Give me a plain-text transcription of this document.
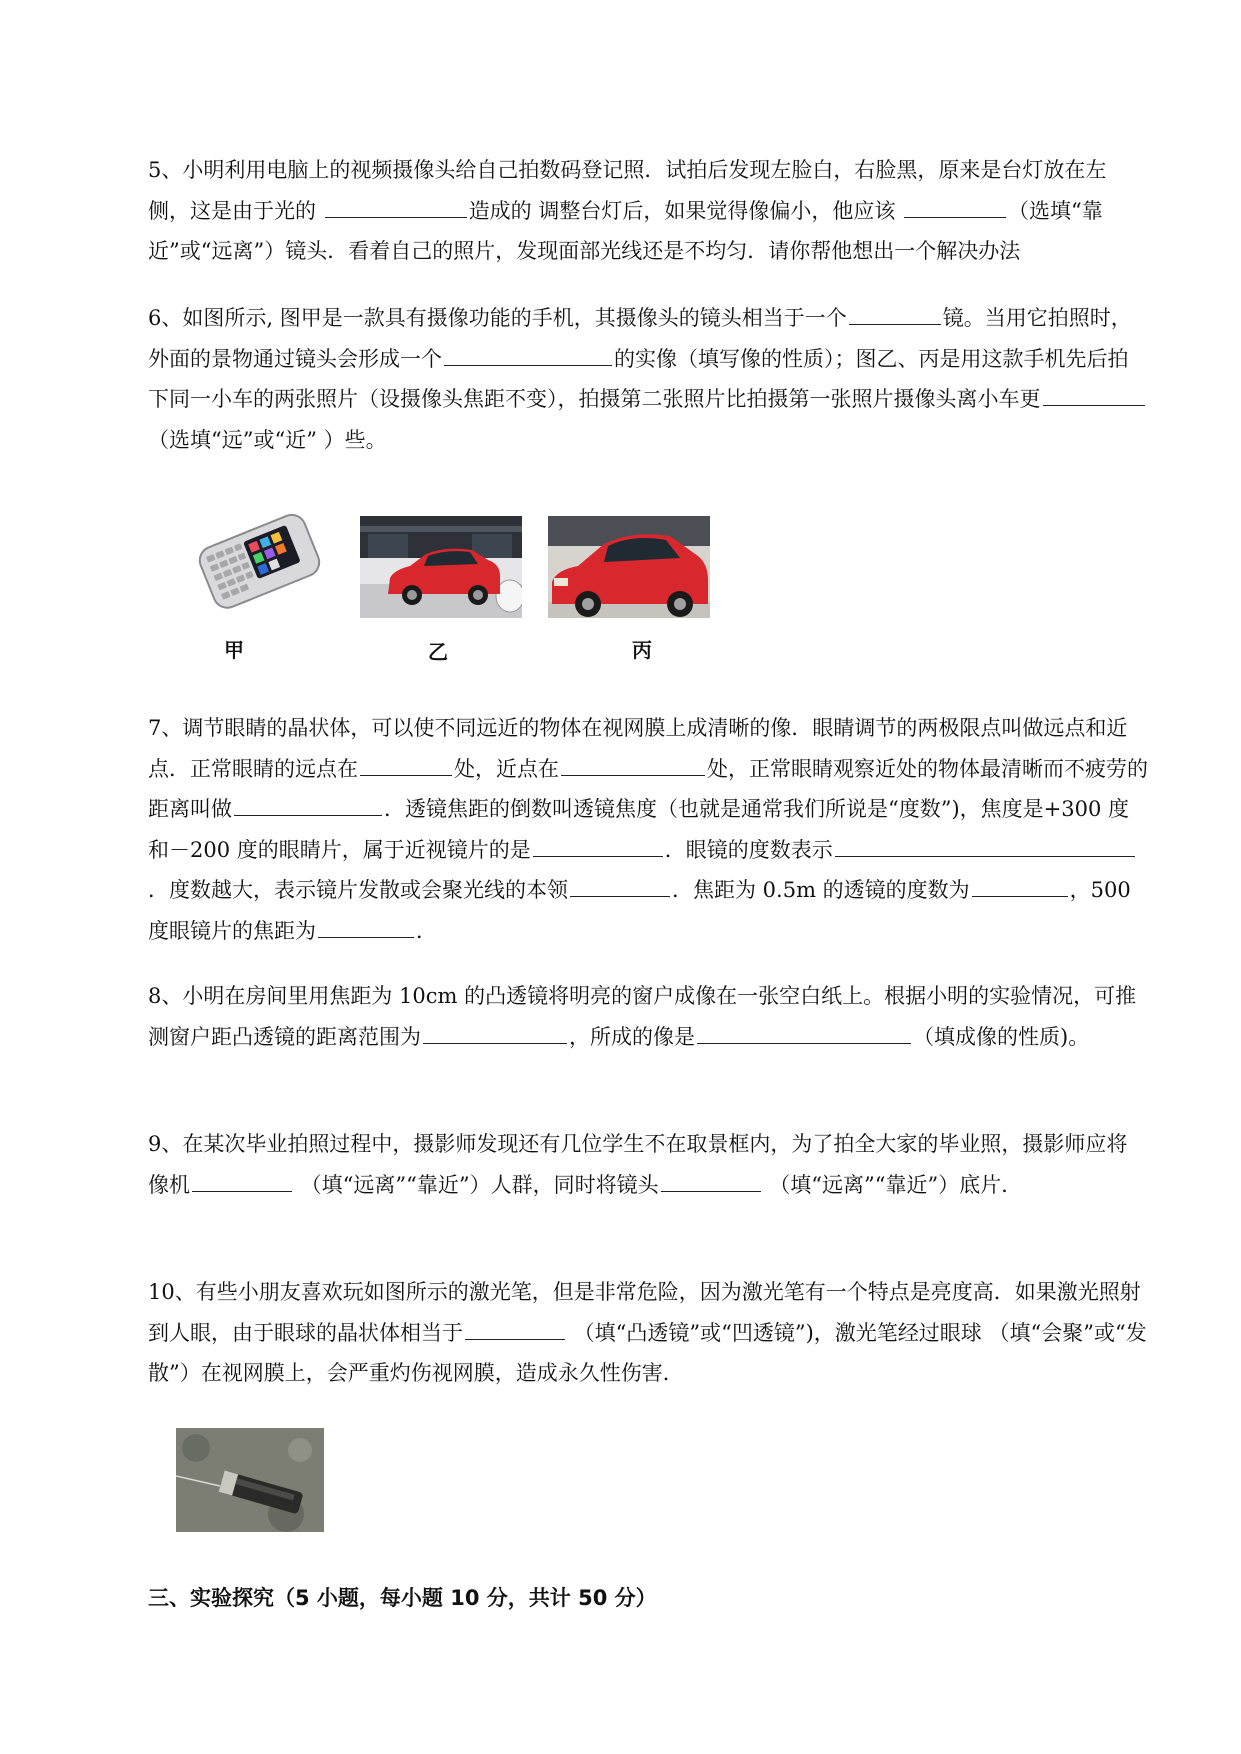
5、小明利用电脑上的视频摄像头给自己拍数码登记照．试拍后发现左脸白，右脸黑，原来是台灯放在左侧，这是由于光的	造成的 调整台灯后，如果觉得像偏小，他应该	（选填“靠近”或“远离”）镜头．看着自己的照片，发现面部光线还是不均匀．请你帮他想出一个解决办法
6、如图所示, 图甲是一款具有摄像功能的手机，其摄像头的镜头相当于一个	镜。当用它拍照时，外面的景物通过镜头会形成一个	的实像（填写像的性质）；图乙、丙是用这款手机先后拍下同一小车的两张照片（设摄像头焦距不变），拍摄第二张照片比拍摄第一张照片摄像头离小车更（选填“远”或“近” ）些。
甲	乙	丙
7、调节眼睛的晶状体，可以使不同远近的物体在视网膜上成清晰的像．眼睛调节的两极限点叫做远点和近点．正常眼睛的远点在	处，近点在	处，正常眼睛观察近处的物体最清晰而不疲劳的距离叫做	．透镜焦距的倒数叫透镜焦度（也就是通常我们所说是“度数”)，焦度是+300 度和－200 度的眼睛片，属于近视镜片的是	．眼镜的度数表示．度数越大，表示镜片发散或会聚光线的本领	．焦距为 0.5m 的透镜的度数为	，500 度眼镜片的焦距为	．
8、小明在房间里用焦距为 10cm 的凸透镜将明亮的窗户成像在一张空白纸上。根据小明的实验情况，可推测窗户距凸透镜的距离范围为	，所成的像是	（填成像的性质)。
9、在某次毕业拍照过程中，摄影师发现还有几位学生不在取景框内，为了拍全大家的毕业照，摄影师应将像机	（填“远离”“靠近”）人群，同时将镜头	（填“远离”“靠近”）底片．
10、有些小朋友喜欢玩如图所示的激光笔，但是非常危险，因为激光笔有一个特点是亮度高．如果激光照射到人眼，由于眼球的晶状体相当于	（填“凸透镜”或“凹透镜”)，激光笔经过眼球 （填“会聚”或“发散”）在视网膜上，会严重灼伤视网膜，造成永久性伤害．
三、实验探究（5 小题，每小题 10 分，共计 50 分）
